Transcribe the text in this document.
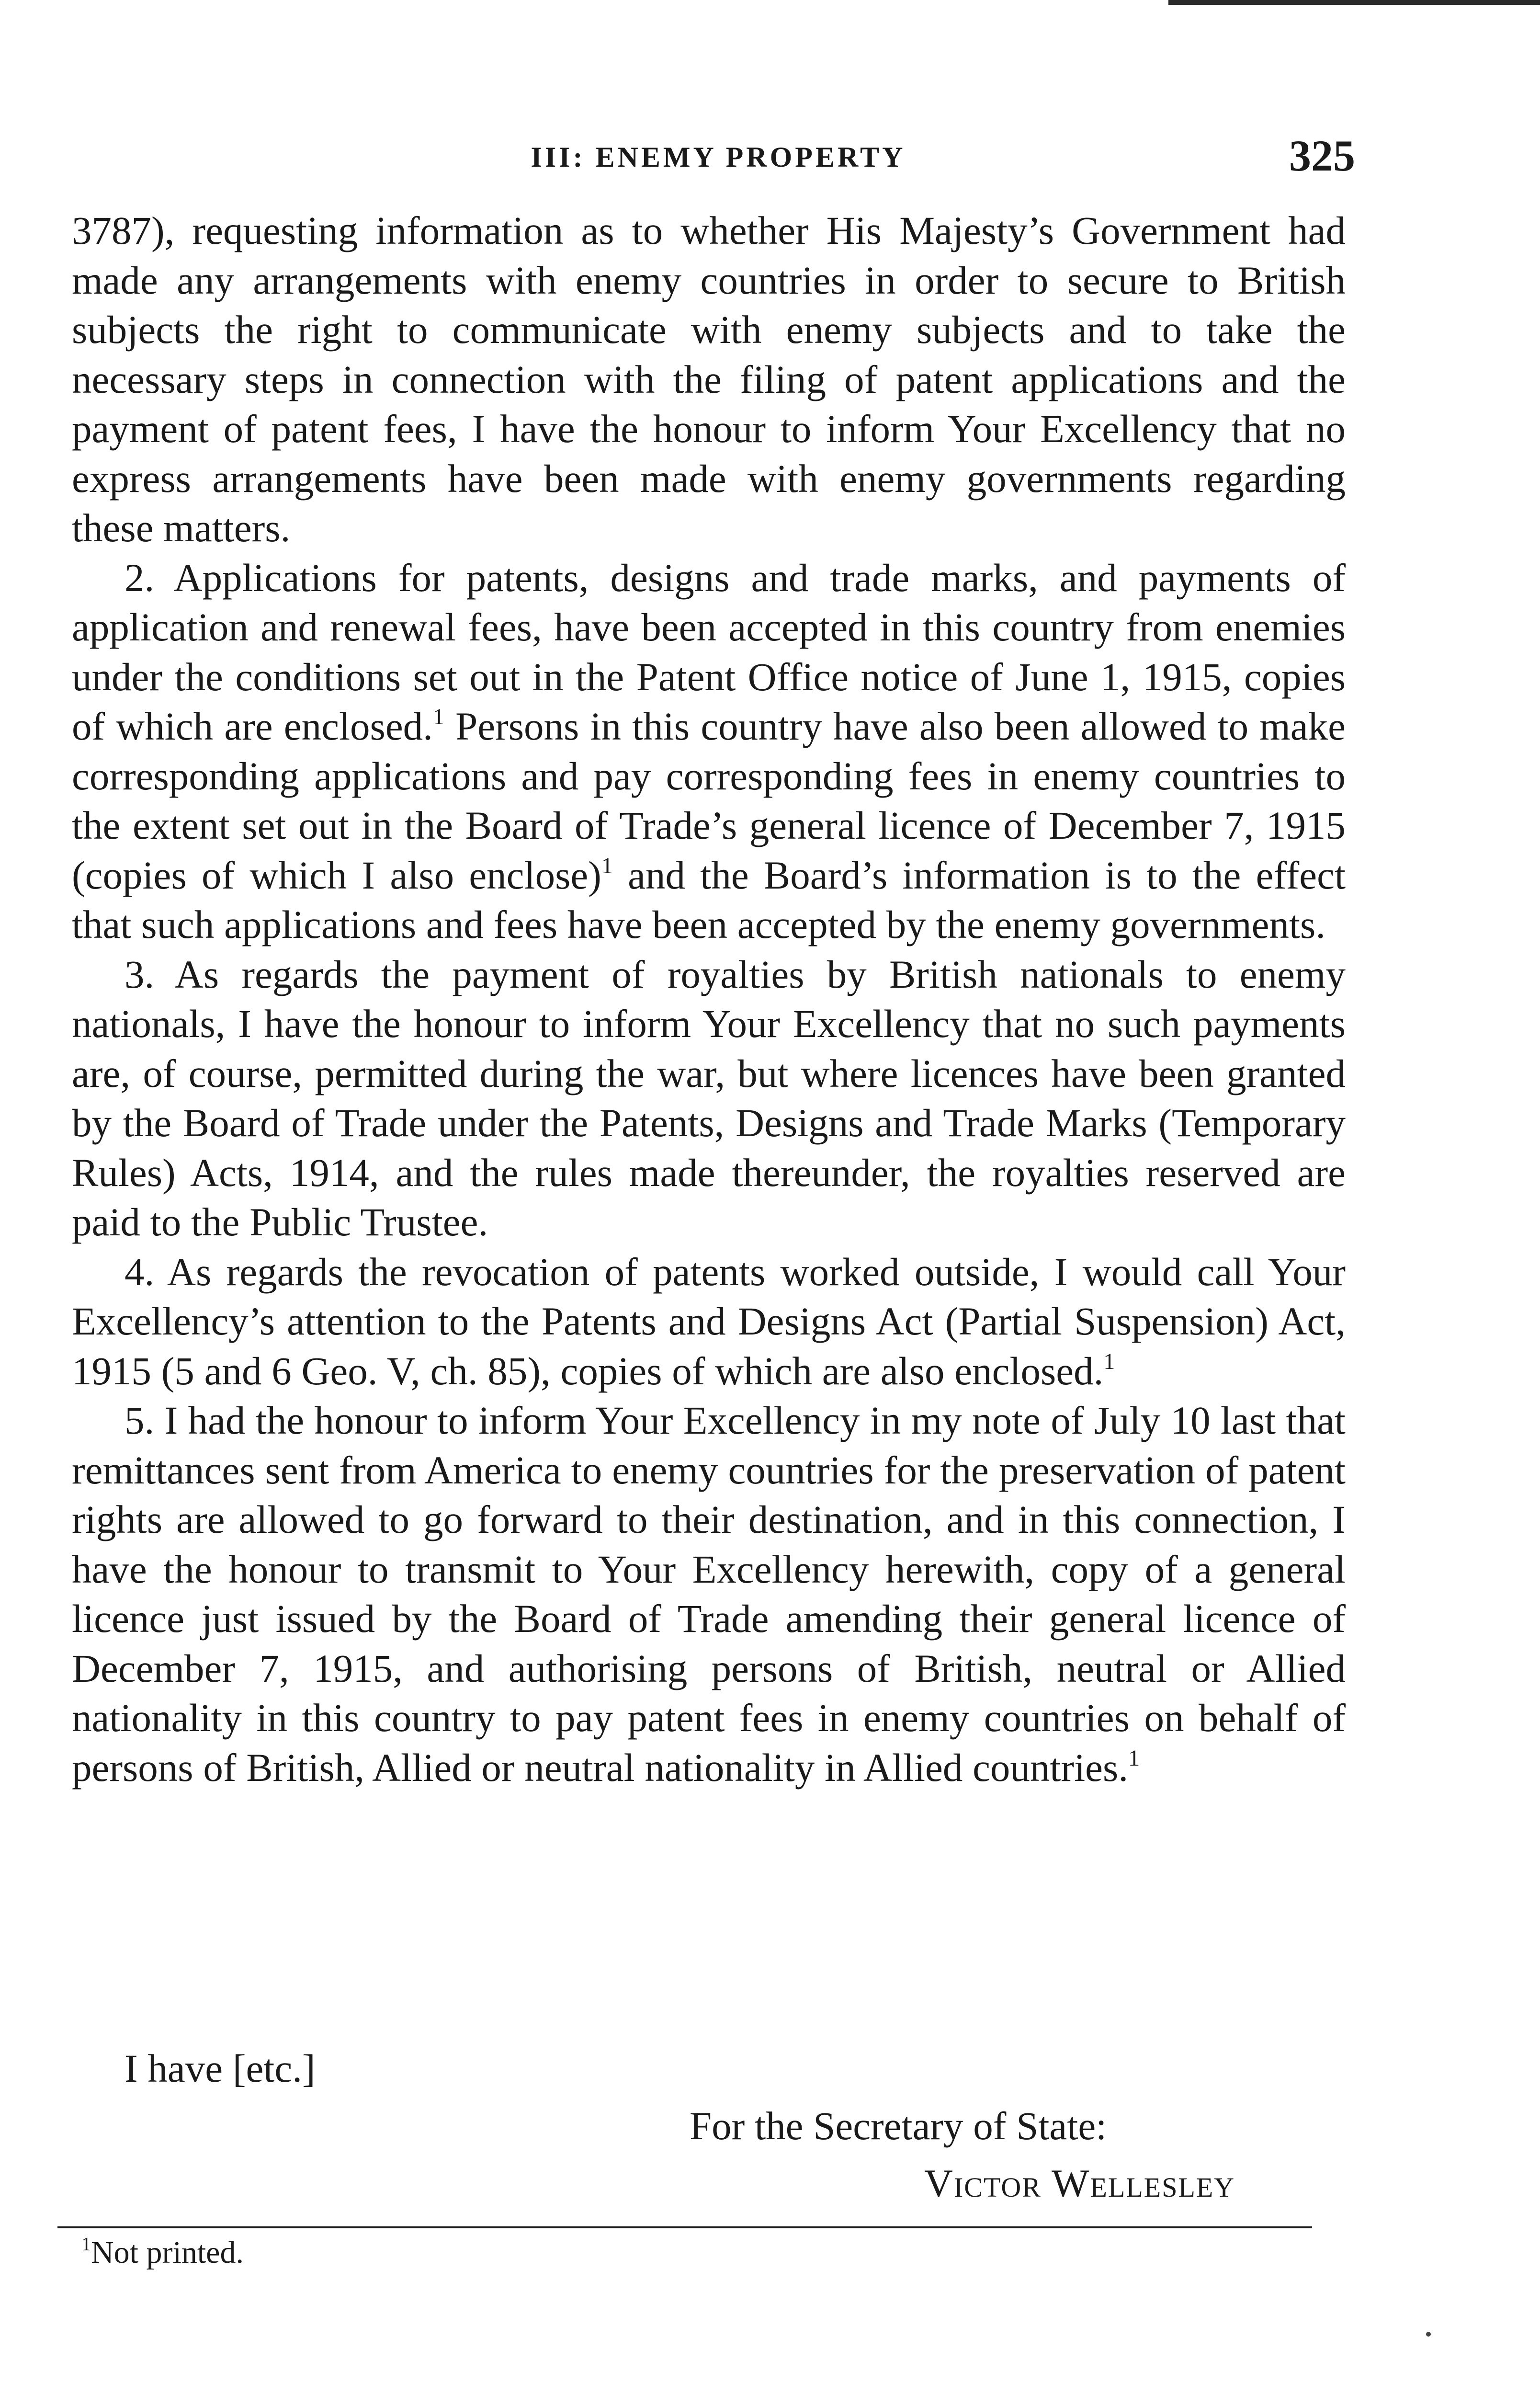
III: ENEMY PROPERTY	325

3787), requesting information as to whether His Majesty’s Government had made any arrangements with enemy countries in order to secure to British subjects the right to communicate with enemy subjects and to take the necessary steps in connection with the filing of patent applications and the payment of patent fees, I have the honour to inform Your Excellency that no express arrangements have been made with enemy governments regarding these matters.

2. Applications for patents, designs and trade marks, and payments of application and renewal fees, have been accepted in this country from enemies under the conditions set out in the Patent Office notice of June 1, 1915, copies of which are enclosed.$^1$ Persons in this country have also been allowed to make corresponding applications and pay corresponding fees in enemy countries to the extent set out in the Board of Trade’s general licence of December 7, 1915 (copies of which I also enclose)$^1$ and the Board’s information is to the effect that such applications and fees have been accepted by the enemy governments.

3. As regards the payment of royalties by British nationals to enemy nationals, I have the honour to inform Your Excellency that no such payments are, of course, permitted during the war, but where licences have been granted by the Board of Trade under the Patents, Designs and Trade Marks (Temporary Rules) Acts, 1914, and the rules made thereunder, the royalties reserved are paid to the Public Trustee.

4. As regards the revocation of patents worked outside, I would call Your Excellency’s attention to the Patents and Designs Act (Partial Suspension) Act, 1915 (5 and 6 Geo. V, ch. 85), copies of which are also enclosed.$^1$

5. I had the honour to inform Your Excellency in my note of July 10 last that remittances sent from America to enemy countries for the preservation of patent rights are allowed to go forward to their destination, and in this connection, I have the honour to transmit to Your Excellency herewith, copy of a general licence just issued by the Board of Trade amending their general licence of December 7, 1915, and authorising persons of British, neutral or Allied nationality in this country to pay patent fees in enemy countries on behalf of persons of British, Allied or neutral nationality in Allied countries.$^1$

I have [etc.]
For the Secretary of State:
Victor Wellesley
$^1$Not printed.
